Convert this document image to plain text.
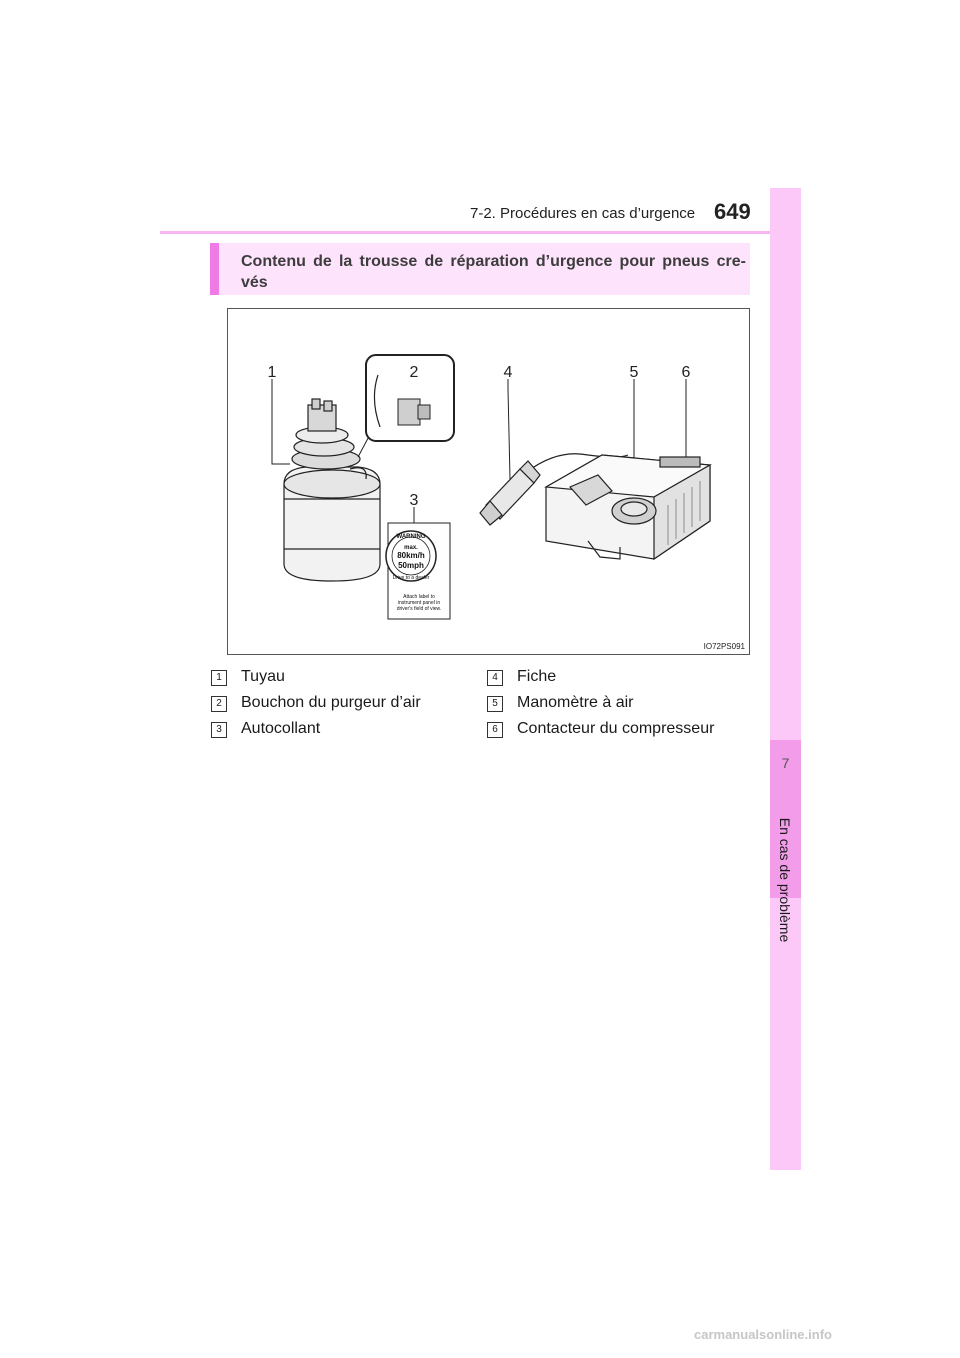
7-2. Procédures en cas d’urgence 649
7
En cas de problème
Contenu de la trousse de réparation d’urgence pour pneus cre-vés
WARNING
max.
80km/h
50mph
Drive to a dealer
Attach label to
instrument panel in
driver's field of view.
1	2
3
4	5	6
IO72PS091
1	Tuyau
2	Bouchon du purgeur d’air
3	Autocollant
4	Fiche
5	Manomètre à air
6	Contacteur du compresseur
carmanualsonline.info
